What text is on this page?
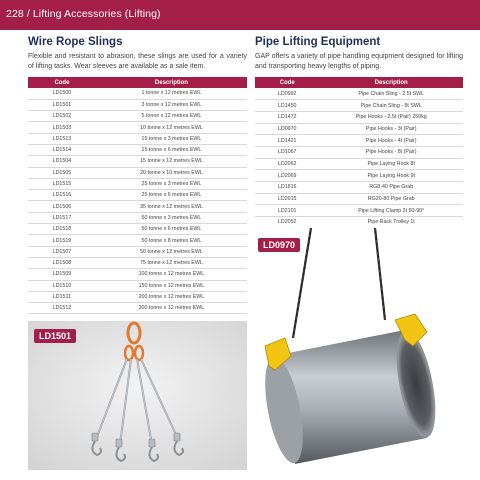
228 / Lifting Accessories (Lifting)
Wire Rope Slings

Flexible and resistant to abrasion, these slings are used for a variety of lifting tasks. Wear sleeves are available as a sale item.

Code	Description
LD1500	1 tonne x 12 metres EWL
LD1501	3 tonne x 12 metres EWL
LD1502	5 tonne x 12 metres EWL
LD1503	10 tonne x 12 metres EWL
LD1513	15 tonne x 3 metres EWL
LD1514	15 tonne x 6 metres EWL
LD1504	15 tonne x 12 metres EWL
LD1505	20 tonne x 10 metres EWL
LD1515	25 tonne x 3 metres EWL
LD1516	25 tonne x 6 metres EWL
LD1506	35 tonne x 12 metres EWL
LD1517	50 tonne x 3 metres EWL
LD1518	50 tonne x 6 metres EWL
LD1519	50 tonne x 8 metres EWL
LD1507	50 tonne x 12 metres EWL
LD1508	75 tonne x 12 metres EWL
LD1509	100 tonne x 12 metres EWL
LD1510	150 tonne x 12 metres EWL
LD1511	200 tonne x 12 metres EWL
LD1512	300 tonne x 12 metres EWL
Pipe Lifting Equipment

GAP offers a variety of pipe handling equipment designed for lifting and transporting heavy lengths of piping.

Code	Description
LD0992	Pipe Chain Sling - 2.5t SWL
LD1450	Pipe Chain Sling - 8t SWL
LD1472	Pipe Hooks - 2.5t (Pair) 250kg
LD0970	Pipe Hooks - 3t (Pair)
LD1421	Pipe Hooks - 4t (Pair)
LD1067	Pipe Hooks - 8t (Pair)
LD2062	Pipe Laying Hook 8t
LD2069	Pipe Laying Hook 9t
LD1816	RG8-40 Pipe Grab
LD2015	RG20-80 Pipe Grab
LD2101	Pipe Lifting Clamp 2t 60-90°
LD2052	Pipe Rack Trolley 1t
LD1501
LD0970
